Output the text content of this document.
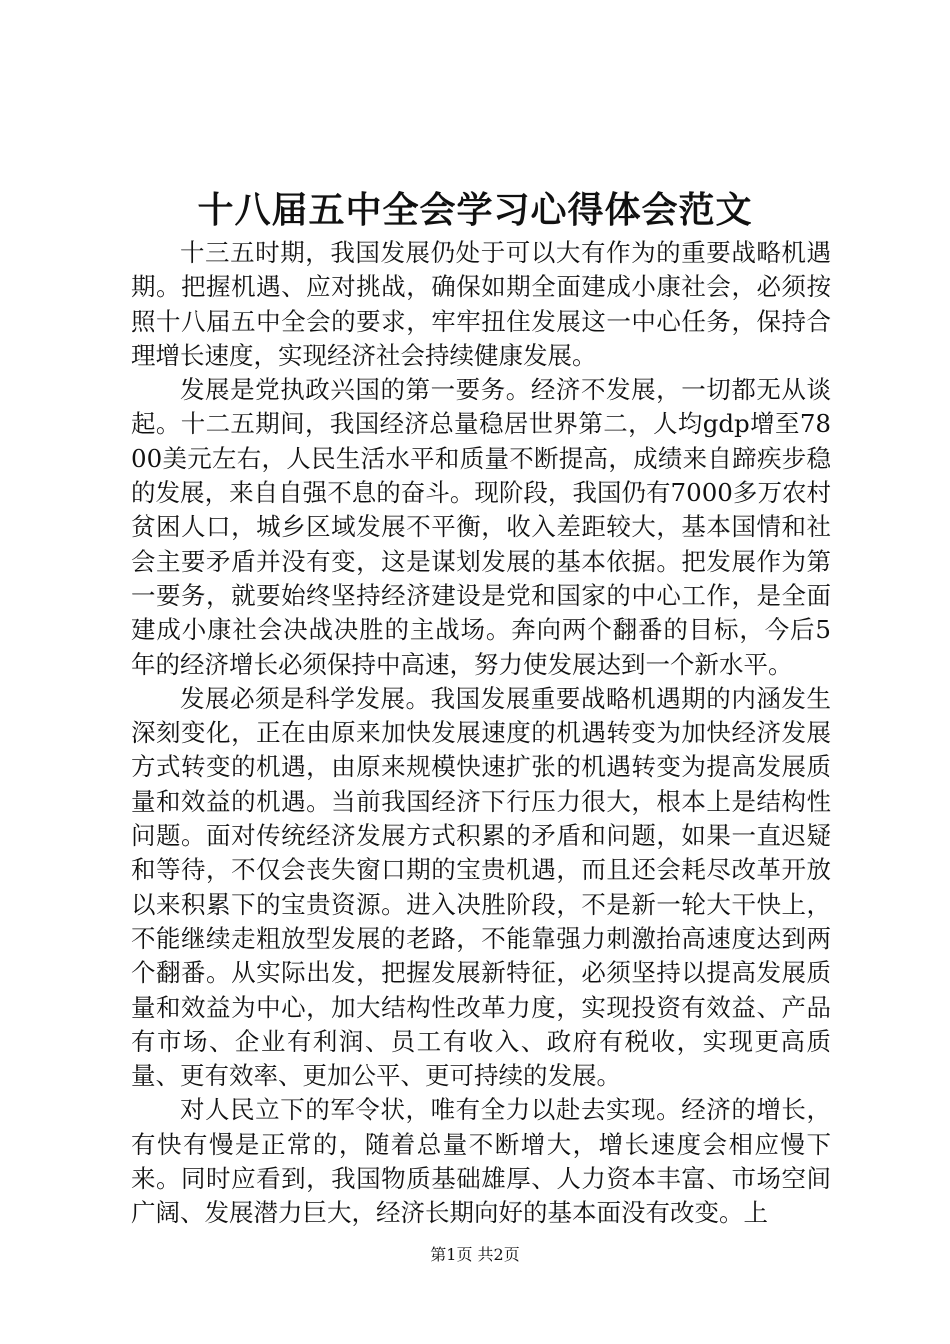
十八届五中全会学习心得体会范文

十三五时期，我国发展仍处于可以大有作为的重要战略机遇期。把握机遇、应对挑战，确保如期全面建成小康社会，必须按照十八届五中全会的要求，牢牢扭住发展这一中心任务，保持合理增长速度，实现经济社会持续健康发展。

发展是党执政兴国的第一要务。经济不发展，一切都无从谈起。十二五期间，我国经济总量稳居世界第二，人均gdp增至7800美元左右，人民生活水平和质量不断提高，成绩来自蹄疾步稳的发展，来自自强不息的奋斗。现阶段，我国仍有7000多万农村贫困人口，城乡区域发展不平衡，收入差距较大，基本国情和社会主要矛盾并没有变，这是谋划发展的基本依据。把发展作为第一要务，就要始终坚持经济建设是党和国家的中心工作，是全面建成小康社会决战决胜的主战场。奔向两个翻番的目标，今后5年的经济增长必须保持中高速，努力使发展达到一个新水平。

发展必须是科学发展。我国发展重要战略机遇期的内涵发生深刻变化，正在由原来加快发展速度的机遇转变为加快经济发展方式转变的机遇，由原来规模快速扩张的机遇转变为提高发展质量和效益的机遇。当前我国经济下行压力很大，根本上是结构性问题。面对传统经济发展方式积累的矛盾和问题，如果一直迟疑和等待，不仅会丧失窗口期的宝贵机遇，而且还会耗尽改革开放以来积累下的宝贵资源。进入决胜阶段，不是新一轮大干快上，不能继续走粗放型发展的老路，不能靠强力刺激抬高速度达到两个翻番。从实际出发，把握发展新特征，必须坚持以提高发展质量和效益为中心，加大结构性改革力度，实现投资有效益、产品有市场、企业有利润、员工有收入、政府有税收，实现更高质量、更有效率、更加公平、更可持续的发展。

对人民立下的军令状，唯有全力以赴去实现。经济的增长，有快有慢是正常的，随着总量不断增大，增长速度会相应慢下来。同时应看到，我国物质基础雄厚、人力资本丰富、市场空间广阔、发展潜力巨大，经济长期向好的基本面没有改变。上

第1页 共2页
